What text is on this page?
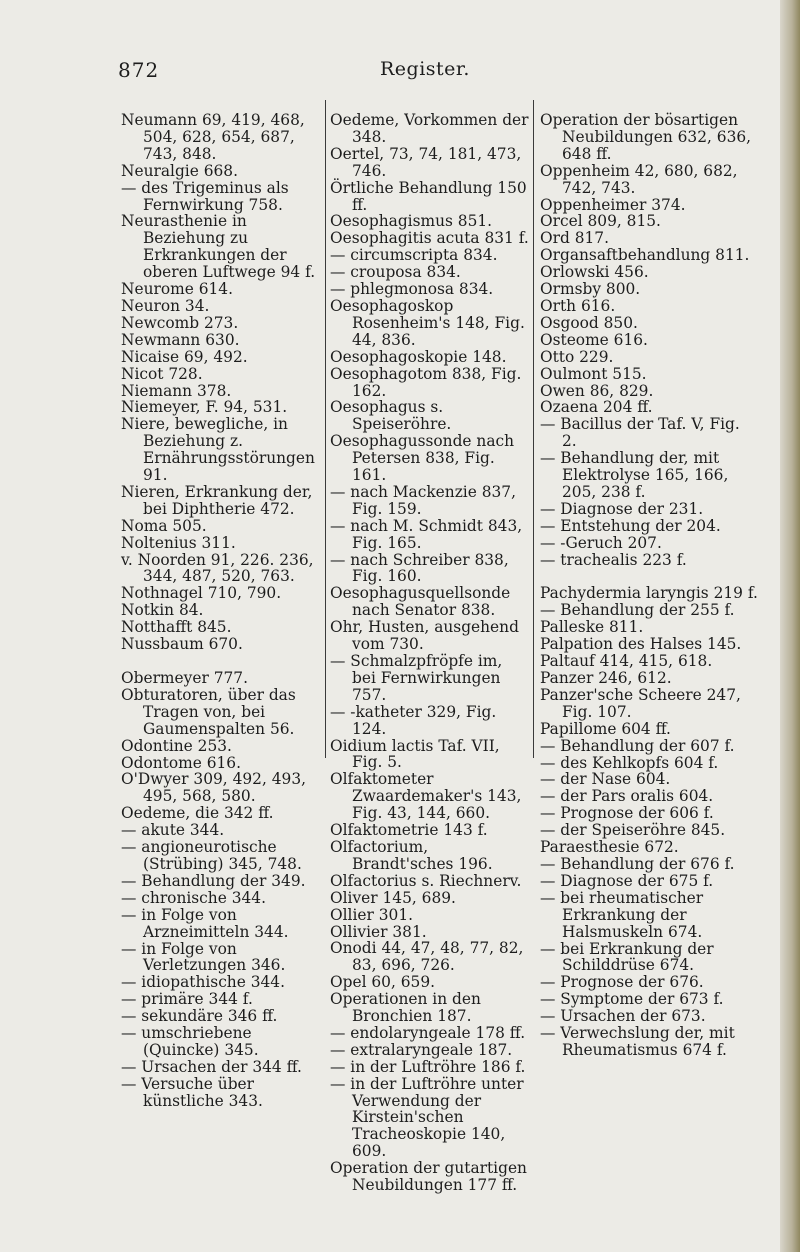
872	Register.

Neumann 69, 419, 468, 504, 628, 654, 687, 743, 848.

Neuralgie 668.

— des Trigeminus als Fernwirkung 758.

Neurasthenie in Beziehung zu Erkrankungen der oberen Luftwege 94 f.

Neurome 614.

Neuron 34.

Newcomb 273.

Newmann 630.

Nicaise 69, 492.

Nicot 728.

Niemann 378.

Niemeyer, F. 94, 531.

Niere, bewegliche, in Beziehung z. Ernährungsstörungen 91.

Nieren, Erkrankung der, bei Diphtherie 472.

Noma 505.

Noltenius 311.

v. Noorden 91, 226. 236, 344, 487, 520, 763.

Nothnagel 710, 790.

Notkin 84.

Notthafft 845.

Nussbaum 670.

Obermeyer 777.

Obturatoren, über das Tragen von, bei Gaumenspalten 56.

Odontine 253.

Odontome 616.

O'Dwyer 309, 492, 493, 495, 568, 580.

Oedeme, die 342 ff.

— akute 344.

— angioneurotische (Strübing) 345, 748.

— Behandlung der 349.

— chronische 344.

— in Folge von Arzneimitteln 344.

— in Folge von Verletzungen 346.

— idiopathische 344.

— primäre 344 f.

— sekundäre 346 ff.

— umschriebene (Quincke) 345.

— Ursachen der 344 ff.

— Versuche über künstliche 343.

Oedeme, Vorkommen der 348.

Oertel, 73, 74, 181, 473, 746.

Örtliche Behandlung 150 ff.

Oesophagismus 851.

Oesophagitis acuta 831 f.

— circumscripta 834.

— crouposa 834.

— phlegmonosa 834.

Oesophagoskop Rosenheim's 148, Fig. 44, 836.

Oesophagoskopie 148.

Oesophagotom 838, Fig. 162.

Oesophagus s. Speiseröhre.

Oesophagussonde nach Petersen 838, Fig. 161.

— nach Mackenzie 837, Fig. 159.

— nach M. Schmidt 843, Fig. 165.

— nach Schreiber 838, Fig. 160.

Oesophagusquellsonde nach Senator 838.

Ohr, Husten, ausgehend vom 730.

— Schmalzpfröpfe im, bei Fernwirkungen 757.

— -katheter 329, Fig. 124.

Oidium lactis Taf. VII, Fig. 5.

Olfaktometer Zwaardemaker's 143, Fig. 43, 144, 660.

Olfaktometrie 143 f.

Olfactorium, Brandt'sches 196.

Olfactorius s. Riechnerv.

Oliver 145, 689.

Ollier 301.

Ollivier 381.

Onodi 44, 47, 48, 77, 82, 83, 696, 726.

Opel 60, 659.

Operationen in den Bronchien 187.

— endolaryngeale 178 ff.

— extralaryngeale 187.

— in der Luftröhre 186 f.

— in der Luftröhre unter Verwendung der Kirstein'schen Tracheoskopie 140, 609.

Operation der gutartigen Neubildungen 177 ff.

Operation der bösartigen Neubildungen 632, 636, 648 ff.

Oppenheim 42, 680, 682, 742, 743.

Oppenheimer 374.

Orcel 809, 815.

Ord 817.

Organsaftbehandlung 811.

Orlowski 456.

Ormsby 800.

Orth 616.

Osgood 850.

Osteome 616.

Otto 229.

Oulmont 515.

Owen 86, 829.

Ozaena 204 ff.

— Bacillus der Taf. V, Fig. 2.

— Behandlung der, mit Elektrolyse 165, 166, 205, 238 f.

— Diagnose der 231.

— Entstehung der 204.

— -Geruch 207.

— trachealis 223 f.

Pachydermia laryngis 219 f.

— Behandlung der 255 f.

Palleske 811.

Palpation des Halses 145.

Paltauf 414, 415, 618.

Panzer 246, 612.

Panzer'sche Scheere 247, Fig. 107.

Papillome 604 ff.

— Behandlung der 607 f.

— des Kehlkopfs 604 f.

— der Nase 604.

— der Pars oralis 604.

— Prognose der 606 f.

— der Speiseröhre 845.

Paraesthesie 672.

— Behandlung der 676 f.

— Diagnose der 675 f.

— bei rheumatischer Erkrankung der Halsmuskeln 674.

— bei Erkrankung der Schilddrüse 674.

— Prognose der 676.

— Symptome der 673 f.

— Ursachen der 673.

— Verwechslung der, mit Rheumatismus 674 f.
